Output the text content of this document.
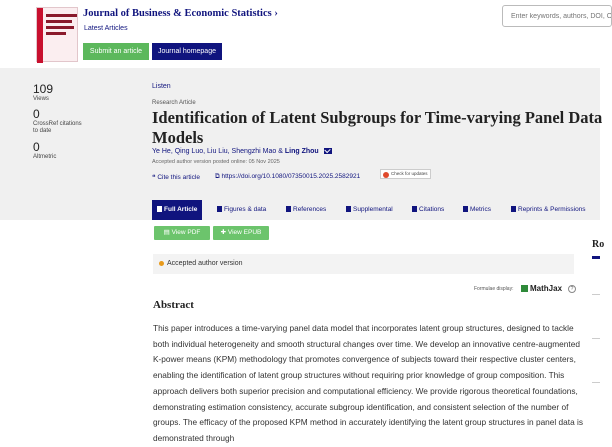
Journal of Business & Economic Statistics ›
Latest Articles
Submit an article	Journal homepage
Enter keywords, authors, DOI, ORCID, etc.
109
Views
0
CrossRef citations to date
0
Altmetric
Listen
Research Article
Identification of Latent Subgroups for Time-varying Panel Data Models
Ye He, Qing Luo, Liu Liu, Shengzhi Mao & Ling Zhou
Accepted author version posted online: 05 Nov 2025
❝ Cite this article ⧉ https://doi.org/10.1080/07350015.2025.2582921	Check for updates
Full Article	Figures & data	References	Supplemental	Citations	Metrics	Reprints & Permissions
▤ View PDF	✚ View EPUB
Accepted author version
Formulae display:	MathJax	?
Abstract

This paper introduces a time-varying panel data model that incorporates latent group structures, designed to tackle both individual heterogeneity and smooth structural changes over time. We develop an innovative centre-augmented K-power means (KPM) methodology that promotes convergence of subjects toward their respective cluster centers, enabling the identification of latent group structures without requiring prior knowledge of group composition. This approach delivers both superior precision and computational efficiency. We provide rigorous theoretical foundations, demonstrating estimation consistency, accurate subgroup identification, and consistent selection of the number of groups. The efficacy of the proposed KPM method in accurately identifying the latent group structures in panel data is demonstrated through

Ro
